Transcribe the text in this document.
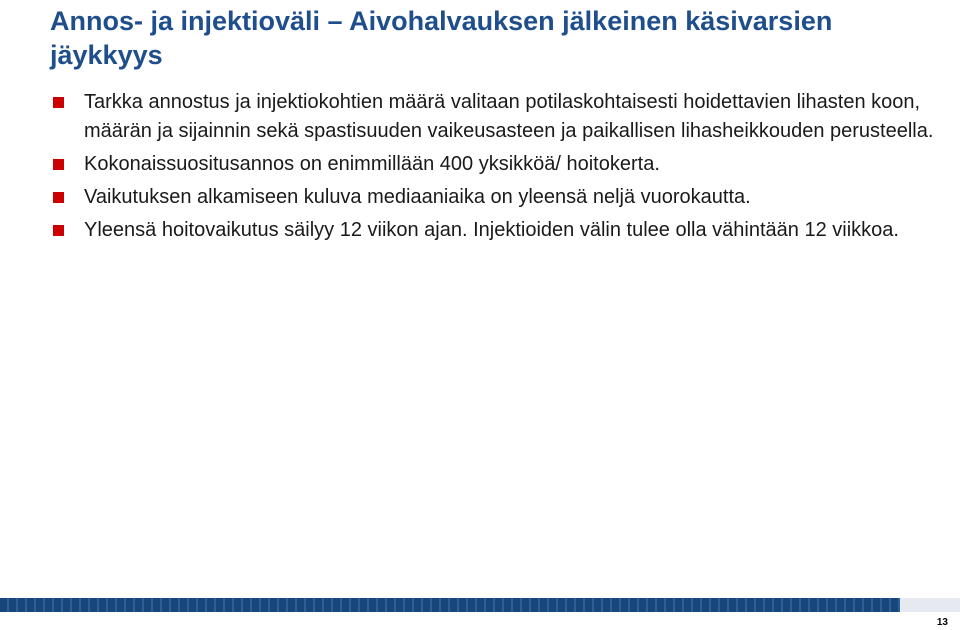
Annos- ja injektioväli – Aivohalvauksen jälkeinen käsivarsien jäykkyys
Tarkka annostus ja injektiokohtien määrä valitaan potilaskohtaisesti hoidettavien lihasten koon, määrän ja sijainnin sekä spastisuuden vaikeusasteen ja paikallisen lihasheikkouden perusteella.
Kokonaissuositusannos on enimmillään 400 yksikköä/ hoitokerta.
Vaikutuksen alkamiseen kuluva mediaaniaika on yleensä neljä vuorokautta.
Yleensä hoitovaikutus säilyy 12 viikon ajan. Injektioiden välin tulee olla vähintään 12 viikkoa.
13
